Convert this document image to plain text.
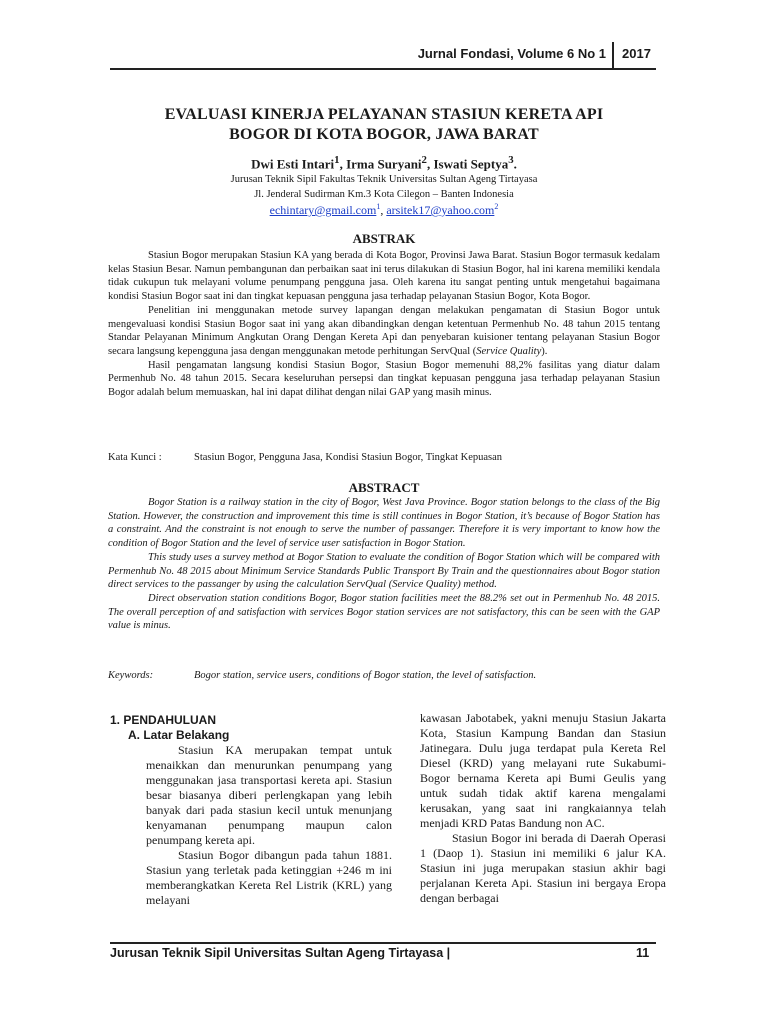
Jurnal Fondasi, Volume 6 No 1 2017
EVALUASI KINERJA PELAYANAN STASIUN KERETA API
BOGOR DI KOTA BOGOR, JAWA BARAT
Dwi Esti Intari$^1$, Irma Suryani$^2$, Iswati Septya$^3$.
Jurusan Teknik Sipil Fakultas Teknik Universitas Sultan Ageng Tirtayasa
Jl. Jenderal Sudirman Km.3 Kota Cilegon – Banten Indonesia
echintary@gmail.com$^1$, arsitek17@yahoo.com$^2$
ABSTRAK
Stasiun Bogor merupakan Stasiun KA yang berada di Kota Bogor, Provinsi Jawa Barat. Stasiun Bogor termasuk kedalam kelas Stasiun Besar. Namun pembangunan dan perbaikan saat ini terus dilakukan di Stasiun Bogor, hal ini karena memiliki kendala tidak cukupun tuk melayani volume penumpang pengguna jasa. Oleh karena itu sangat penting untuk mengetahui bagaimana kondisi Stasiun Bogor saat ini dan tingkat kepuasan pengguna jasa terhadap pelayanan Stasiun Bogor, Kota Bogor.
Penelitian ini menggunakan metode survey lapangan dengan melakukan pengamatan di Stasiun Bogor untuk mengevaluasi kondisi Stasiun Bogor saat ini yang akan dibandingkan dengan ketentuan Permenhub No. 48 tahun 2015 tentang Standar Pelayanan Minimum Angkutan Orang Dengan Kereta Api dan penyebaran kuisioner tentang pelayanan Stasiun Bogor secara langsung kepengguna jasa dengan menggunakan metode perhitungan ServQual (Service Quality).
Hasil pengamatan langsung kondisi Stasiun Bogor, Stasiun Bogor memenuhi 88,2% fasilitas yang diatur dalam Permenhub No. 48 tahun 2015. Secara keseluruhan persepsi dan tingkat kepuasan pengguna jasa terhadap pelayanan Stasiun Bogor adalah belum memuaskan, hal ini dapat dilihat dengan nilai GAP yang masih minus.
Kata Kunci :	Stasiun Bogor, Pengguna Jasa, Kondisi Stasiun Bogor, Tingkat Kepuasan
ABSTRACT
Bogor Station is a railway station in the city of Bogor, West Java Province. Bogor station belongs to the class of the Big Station. However, the construction and improvement this time is still continues in Bogor Station, it’s because of Bogor Station has a constraint. And the constraint is not enough to serve the number of passanger. Therefore it is very important to know how the condition of Bogor Station and the level of service user satisfaction in Bogor Station.
This study uses a survey method at Bogor Station to evaluate the condition of Bogor Station which will be compared with Permenhub No. 48 2015 about Minimum Service Standards Public Transport By Train and the questionnaires about Bogor station direct services to the passanger by using the calculation ServQual (Service Quality) method.
Direct observation station conditions Bogor, Bogor station facilities meet the 88.2% set out in Permenhub No. 48 2015. The overall perception of and satisfaction with services Bogor station services are not satisfactory, this can be seen with the GAP value is minus.
Keywords:	Bogor station, service users, conditions of Bogor station, the level of satisfaction.
1. PENDAHULUAN
A. Latar Belakang

Stasiun KA merupakan tempat untuk menaikkan dan menurunkan penumpang yang menggunakan jasa transportasi kereta api. Stasiun besar biasanya diberi perlengkapan yang lebih banyak dari pada stasiun kecil untuk menunjang kenyamanan penumpang maupun calon penumpang kereta api.

Stasiun Bogor dibangun pada tahun 1881. Stasiun yang terletak pada ketinggian +246 m ini memberangkatkan Kereta Rel Listrik (KRL) yang melayani

kawasan Jabotabek, yakni menuju Stasiun Jakarta Kota, Stasiun Kampung Bandan dan Stasiun Jatinegara. Dulu juga terdapat pula Kereta Rel Diesel (KRD) yang melayani rute Sukabumi-Bogor bernama Kereta api Bumi Geulis yang untuk sudah tidak aktif karena mengalami kerusakan, yang saat ini rangkaiannya telah menjadi KRD Patas Bandung non AC.

Stasiun Bogor ini berada di Daerah Operasi 1 (Daop 1). Stasiun ini memiliki 6 jalur KA. Stasiun ini juga merupakan stasiun akhir bagi perjalanan Kereta Api. Stasiun ini bergaya Eropa dengan berbagai

Jurusan Teknik Sipil Universitas Sultan Ageng Tirtayasa |	11
